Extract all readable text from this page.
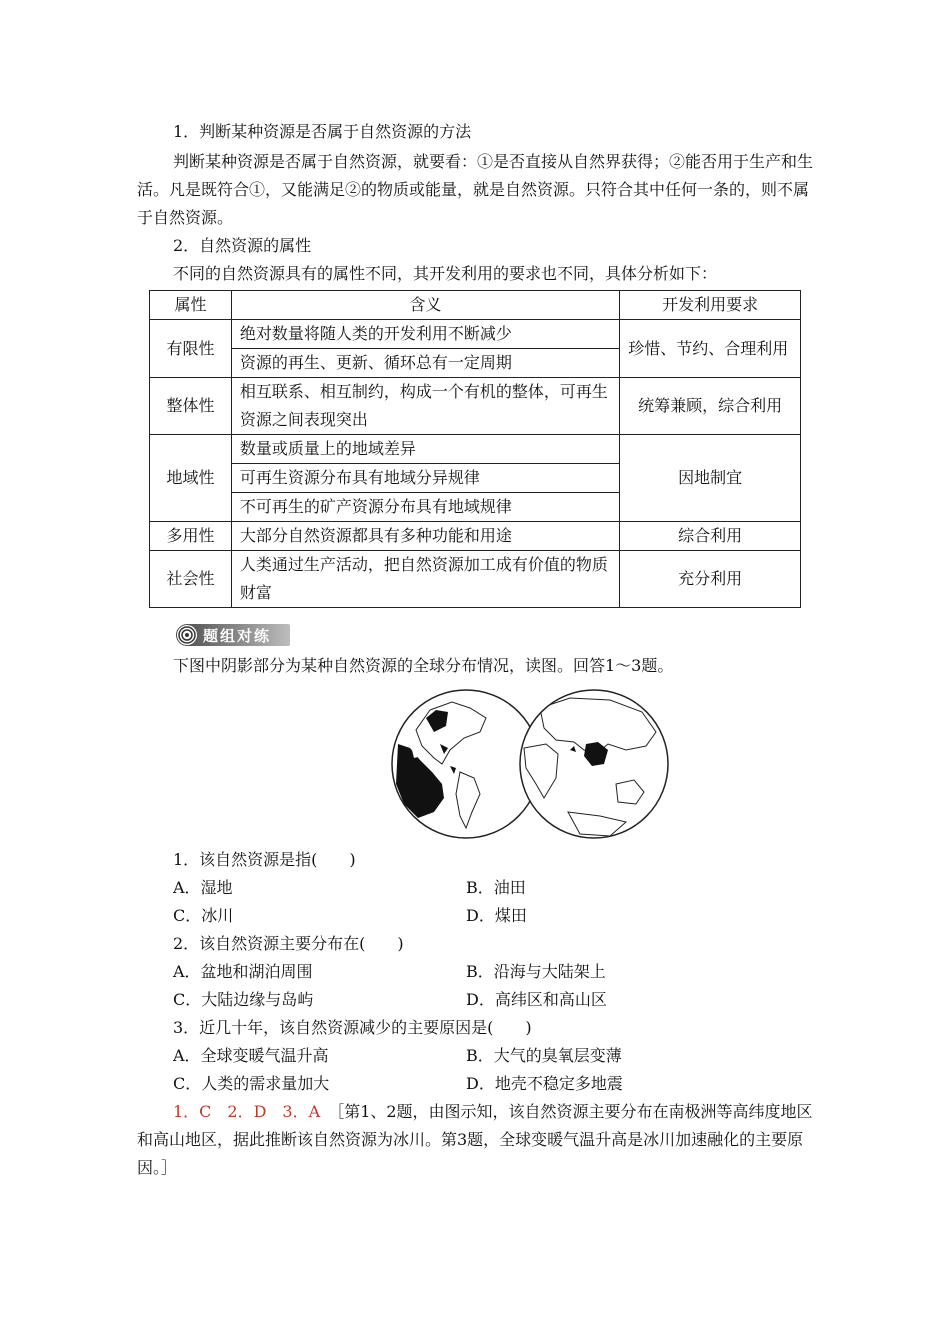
1．判断某种资源是否属于自然资源的方法

判断某种资源是否属于自然资源，就要看：①是否直接从自然界获得；②能否用于生产和生活。凡是既符合①，又能满足②的物质或能量，就是自然资源。只符合其中任何一条的，则不属于自然资源。

2．自然资源的属性

不同的自然资源具有的属性不同，其开发利用的要求也不同，具体分析如下：

属性	含义	开发利用要求
有限性	绝对数量将随人类的开发利用不断减少
资源的再生、更新、循环总有一定周期	珍惜、节约、合理利用
整体性	相互联系、相互制约，构成一个有机的整体，可再生资源之间表现突出	统筹兼顾，综合利用
地域性	数量或质量上的地域差异
可再生资源分布具有地域分异规律
不可再生的矿产资源分布具有地域规律	因地制宜
多用性	大部分自然资源都具有多种功能和用途	综合利用
社会性	人类通过生产活动，把自然资源加工成有价值的物质财富	充分利用
题组对练

下图中阴影部分为某种自然资源的全球分布情况，读图。回答1～3题。

1．该自然资源是指(　　)

A．湿地	B．油田

C．冰川	D．煤田

2．该自然资源主要分布在(　　)

A．盆地和湖泊周围	B．沿海与大陆架上

C．大陆边缘与岛屿	D．高纬区和高山区

3．近几十年，该自然资源减少的主要原因是(　　)

A．全球变暖气温升高	B．大气的臭氧层变薄

C．人类的需求量加大	D．地壳不稳定多地震

1．C　2．D　3．A　 ［第1、2题，由图示知，该自然资源主要分布在南极洲等高纬度地区和高山地区，据此推断该自然资源为冰川。第3题，全球变暖气温升高是冰川加速融化的主要原因。］
